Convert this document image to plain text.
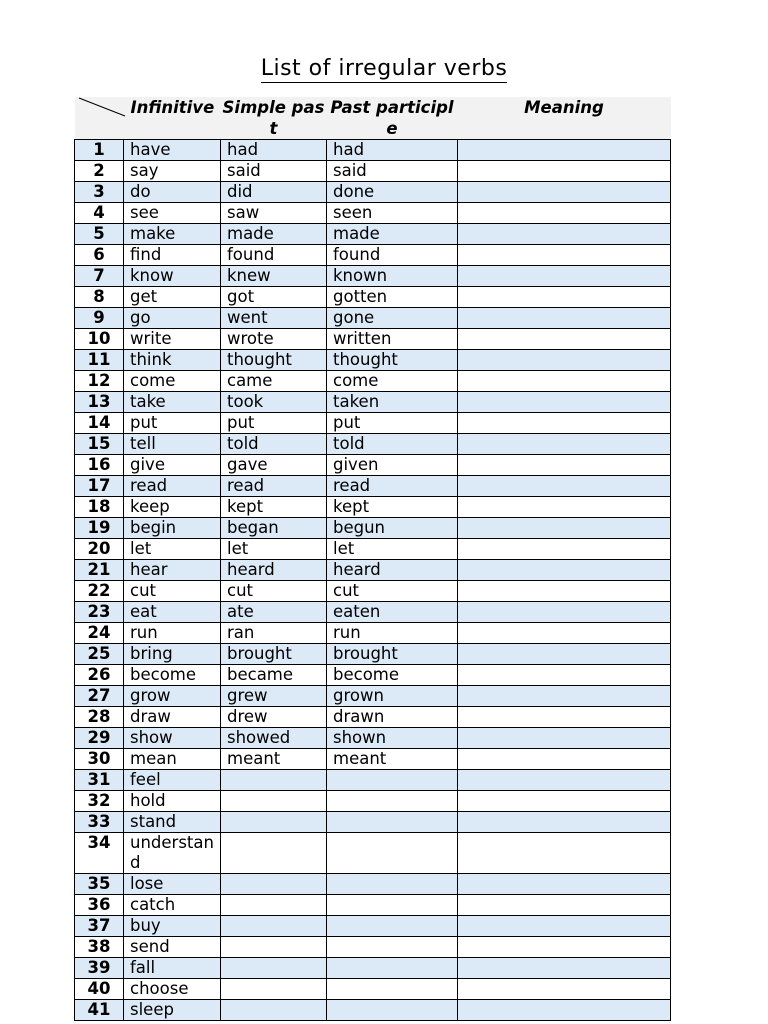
List of irregular verbs
	Infinitive	Simple past	Past participle	Meaning
1	have	had	had	
2	say	said	said	
3	do	did	done	
4	see	saw	seen	
5	make	made	made	
6	find	found	found	
7	know	knew	known	
8	get	got	gotten	
9	go	went	gone	
10	write	wrote	written	
11	think	thought	thought	
12	come	came	come	
13	take	took	taken	
14	put	put	put	
15	tell	told	told	
16	give	gave	given	
17	read	read	read	
18	keep	kept	kept	
19	begin	began	begun	
20	let	let	let	
21	hear	heard	heard	
22	cut	cut	cut	
23	eat	ate	eaten	
24	run	ran	run	
25	bring	brought	brought	
26	become	became	become	
27	grow	grew	grown	
28	draw	drew	drawn	
29	show	showed	shown	
30	mean	meant	meant	
31	feel			
32	hold			
33	stand			
34	understand			
35	lose			
36	catch			
37	buy			
38	send			
39	fall			
40	choose			
41	sleep			
